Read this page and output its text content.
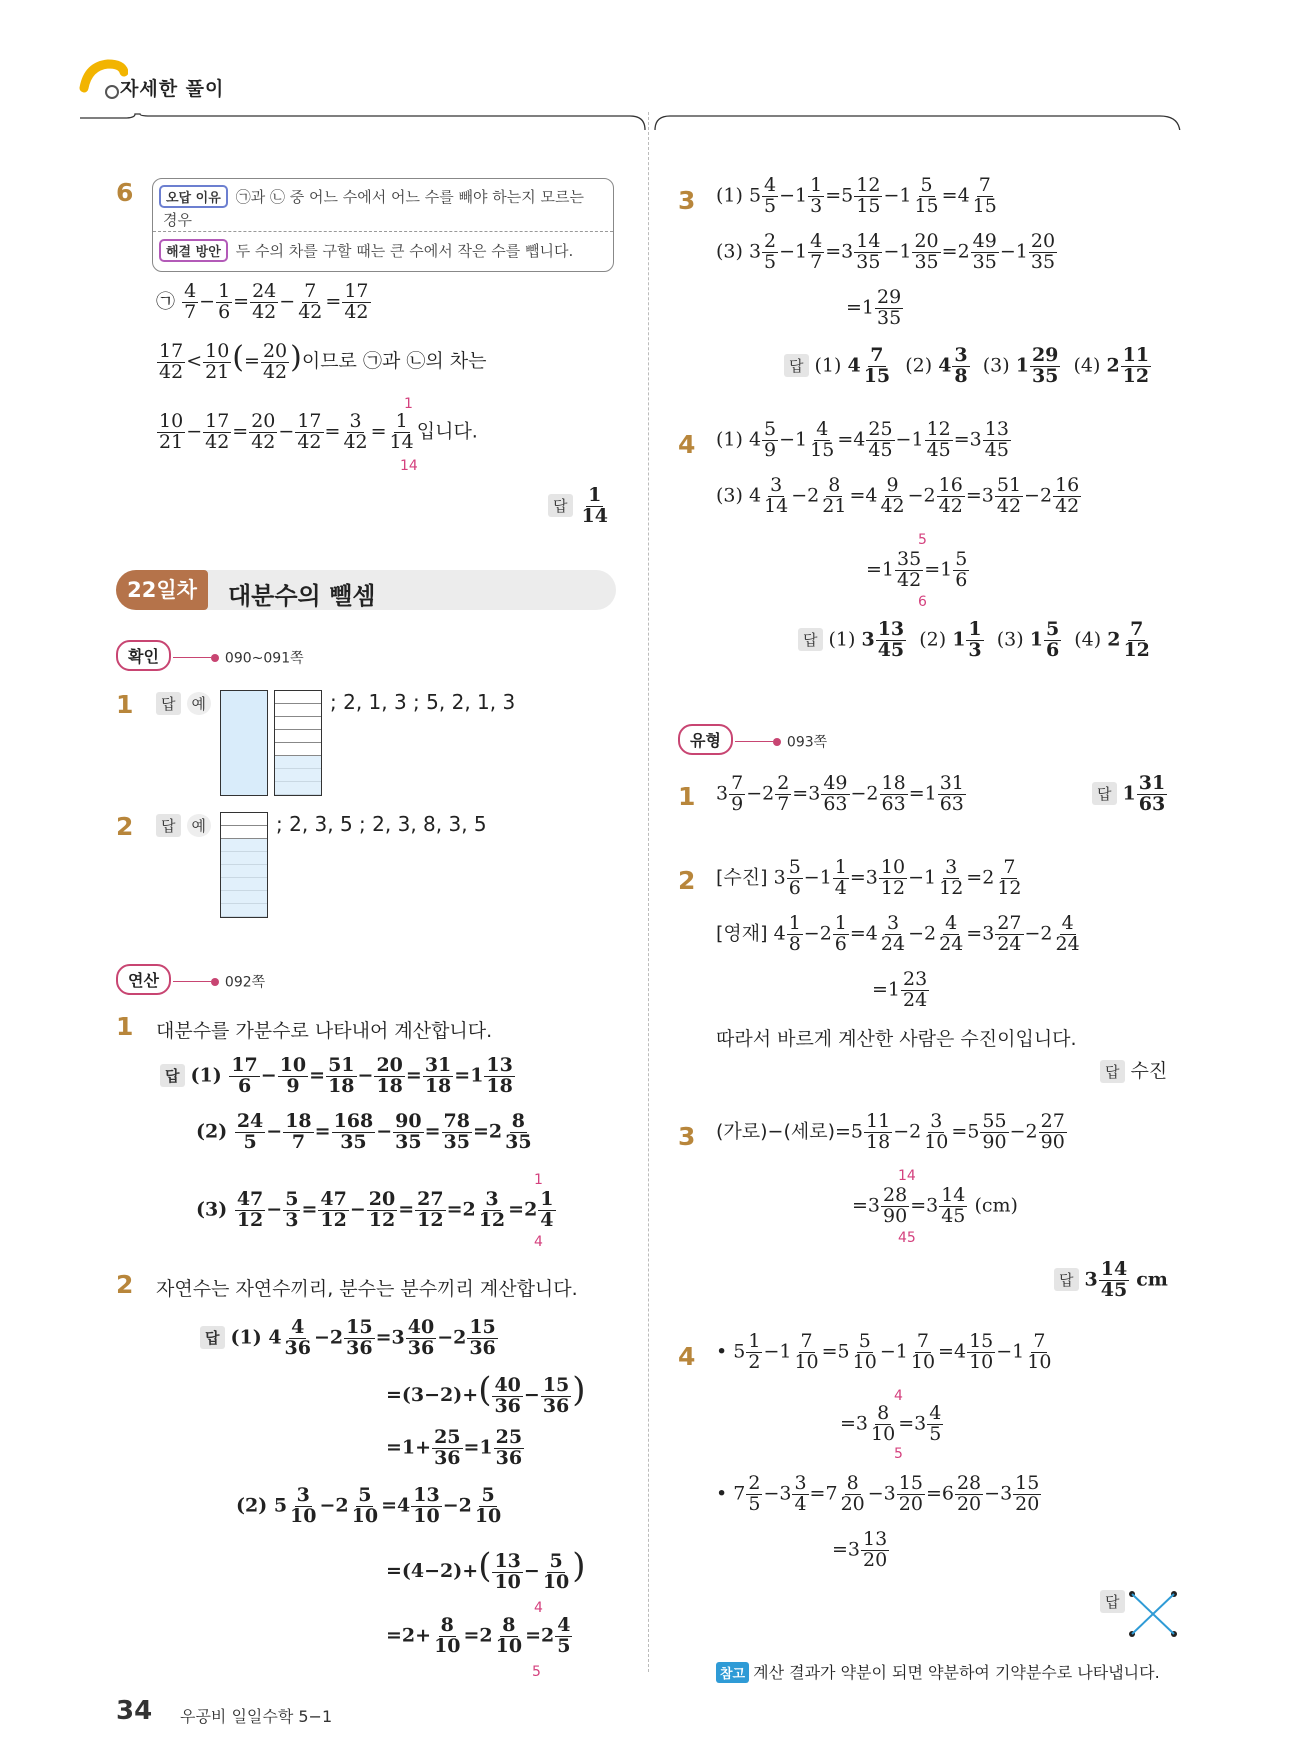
자세한 풀이
6	오답 이유 ㉠과 ㉡ 중 어느 수에서 어느 수를 빼야 하는지 모르는
경우
해결 방안 두 수의 차를 구할 때는 큰 수에서 작은 수를 뺍니다.
㉠ $\frac{4}{7} - \frac{1}{6} = \frac{24}{42} - \frac{7}{42} = \frac{17}{42}$
$\frac{17}{42} < \frac{10}{21}$ (= $\frac{20}{42}$ )이므로 ㉠과 ㉡의 차는
$\frac{10}{21} - \frac{17}{42} = \frac{20}{42} - \frac{17}{42} = \frac{3}{42} = \frac{1}{14}$ 입니다.
1
14
답 $\frac{1}{14}$
22일차	대분수의 뺄셈
확인	090~091쪽
1	답 예	; 2, 1, 3 ; 5, 2, 1, 3
2	답 예	; 2, 3, 5 ; 2, 3, 8, 3, 5
연산	092쪽
1 대분수를 가분수로 나타내어 계산합니다.
답 $(1) \frac{17}{6} - \frac{10}{9} = \frac{51}{18} - \frac{20}{18} = \frac{31}{18} =1 \frac{13}{18}$
$(2) \frac{24}{5} - \frac{18}{7} = \frac{168}{35} - \frac{90}{35} = \frac{78}{35} =2 \frac{8}{35}$
$(3) \frac{47}{12} - \frac{5}{3} = \frac{47}{12} - \frac{20}{12} = \frac{27}{12} =2 \frac{3}{12} =2 \frac{1}{4}$
1
4
2 자연수는 자연수끼리, 분수는 분수끼리 계산합니다.
답 (1) $4 \frac{4}{36} -2 \frac{15}{36} =3 \frac{40}{36} -2 \frac{15}{36}$
$=(3-2)+( \frac{40}{36} - \frac{15}{36}$ )
$=1+ \frac{25}{36} =1 \frac{25}{36}$
(2) $5 \frac{3}{10} -2 \frac{5}{10} =4 \frac{13}{10} -2 \frac{5}{10}$
$=(4-2)+( \frac{13}{10} - \frac{5}{10}$ )
$=2+ \frac{8}{10} =2 \frac{8}{10} =2 \frac{4}{5}$
4
5
34 우공비 일일수학 5−1
3 (1) $5 \frac{4}{5} -1 \frac{1}{3} =5 \frac{12}{15} -1 \frac{5}{15} =4 \frac{7}{15}$
(3) $3 \frac{2}{5} -1 \frac{4}{7} =3 \frac{14}{35} -1 \frac{20}{35} =2 \frac{49}{35} -1 \frac{20}{35}$
$=1 \frac{29}{35}$
답 (1) $4 \frac{7}{15} (2)$ $4 \frac{3}{8} (3)$ $1 \frac{29}{35} (4)$ $2 \frac{11}{12}$
4 (1) $4 \frac{5}{9} -1 \frac{4}{15} =4 \frac{25}{45} -1 \frac{12}{45} =3 \frac{13}{45}$
(3) $4 \frac{3}{14} -2 \frac{8}{21} =4 \frac{9}{42} -2 \frac{16}{42} =3 \frac{51}{42} -2 \frac{16}{42}$
5
$=1 \frac{35}{42} =1 \frac{5}{6}$
6
답 (1) $3 \frac{13}{45} (2)$ $1 \frac{1}{3} (3)$ $1 \frac{5}{6} (4)$ $2 \frac{7}{12}$
유형	093쪽
1 $3 \frac{7}{9} -2 \frac{2}{7} =3 \frac{49}{63} -2 \frac{18}{63} =1 \frac{31}{63}$	답 $1 \frac{31}{63}$
2 [수진] $3 \frac{5}{6} -1 \frac{1}{4} =3 \frac{10}{12} -1 \frac{3}{12} =2 \frac{7}{12}$
[영재] $4 \frac{1}{8} -2 \frac{1}{6} =4 \frac{3}{24} -2 \frac{4}{24} =3 \frac{27}{24} -2 \frac{4}{24}$
$=1 \frac{23}{24}$
따라서 바르게 계산한 사람은 수진이입니다.
답 수진
3 (가로)−(세로)$=5 \frac{11}{18} -2 \frac{3}{10} =5 \frac{55}{90} -2 \frac{27}{90}$
14
$=3 \frac{28}{90} =3 \frac{14}{45} (cm)$
45
답 $3 \frac{14}{45}$ cm
4 • $5 \frac{1}{2} -1 \frac{7}{10} =5 \frac{5}{10} -1 \frac{7}{10} =4 \frac{15}{10} -1 \frac{7}{10}$
4
$=3 \frac{8}{10} =3 \frac{4}{5}$
5
• $7 \frac{2}{5} -3 \frac{3}{4} =7 \frac{8}{20} -3 \frac{15}{20} =6 \frac{28}{20} -3 \frac{15}{20}$
$=3 \frac{13}{20}$
답
참고 계산 결과가 약분이 되면 약분하여 기약분수로 나타냅니다.
